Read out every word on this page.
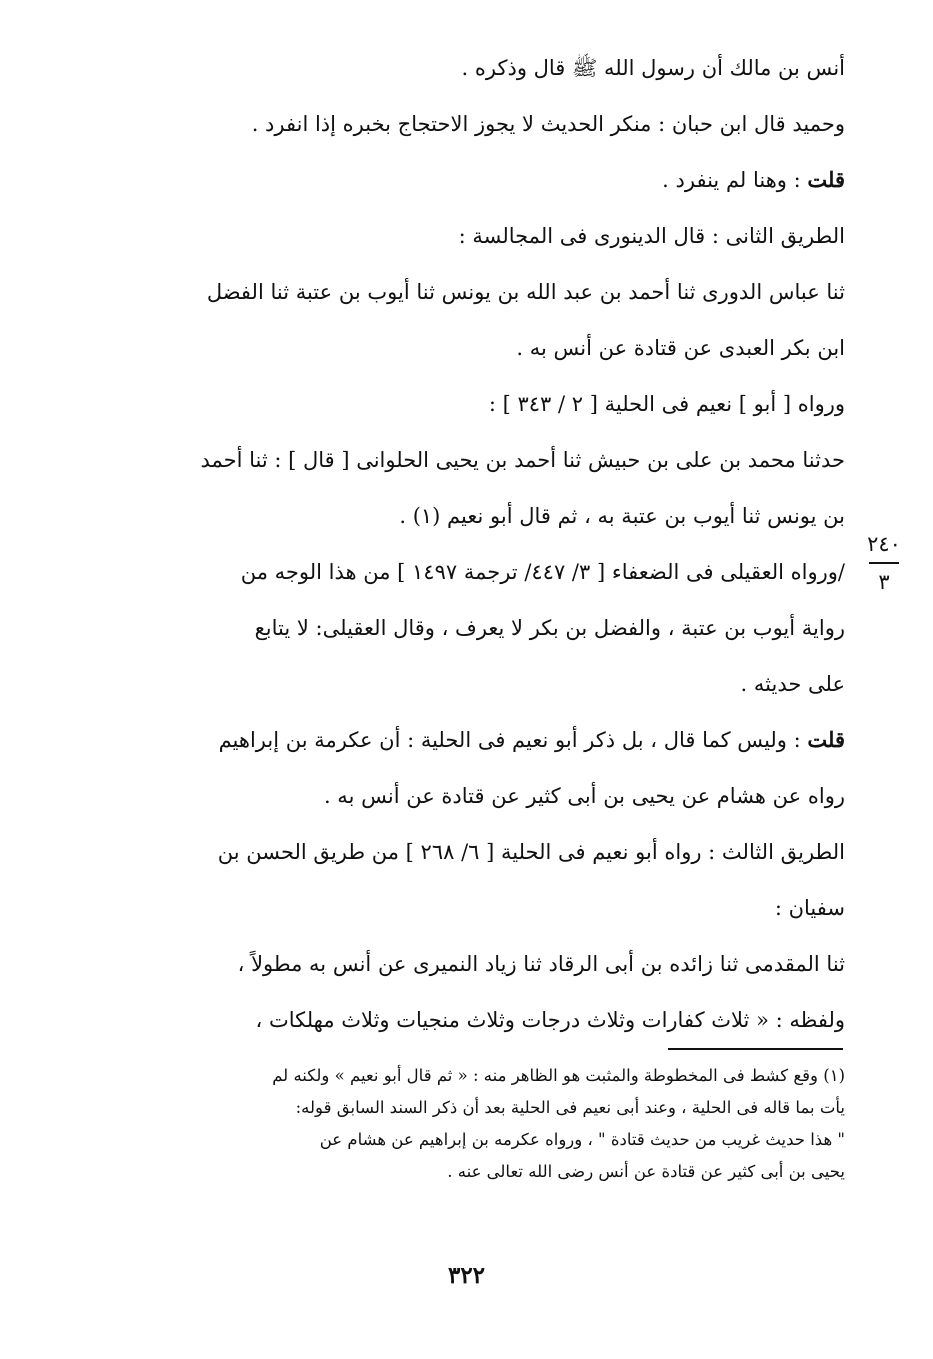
أنس بن مالك أن رسول الله ﷺ قال وذكره .

وحميد قال ابن حبان : منكر الحديث لا يجوز الاحتجاج بخبره إذا انفرد .

قلت : وهنا لم ينفرد .

الطريق الثانى : قال الدينورى فى المجالسة :

ثنا عباس الدورى ثنا أحمد بن عبد الله بن يونس ثنا أيوب بن عتبة ثنا الفضل

ابن بكر العبدى عن قتادة عن أنس به .

ورواه [ أبو ] نعيم فى الحلية [ ٢ / ٣٤٣ ] :

حدثنا محمد بن على بن حبيش ثنا أحمد بن يحيى الحلوانى [ قال ] : ثنا أحمد

بن يونس ثنا أيوب بن عتبة به ، ثم قال أبو نعيم (١) .

/ورواه العقيلى فى الضعفاء [ ٣/ ٤٤٧/ ترجمة ١٤٩٧ ] من هذا الوجه من

رواية أيوب بن عتبة ، والفضل بن بكر لا يعرف ، وقال العقيلى: لا يتابع

على حديثه .

قلت : وليس كما قال ، بل ذكر أبو نعيم فى الحلية : أن عكرمة بن إبراهيم

رواه عن هشام عن يحيى بن أبى كثير عن قتادة عن أنس به .

الطريق الثالث : رواه أبو نعيم فى الحلية [ ٦/ ٢٦٨ ] من طريق الحسن بن

سفيان :

ثنا المقدمى ثنا زائده بن أبى الرقاد ثنا زياد النميرى عن أنس به مطولاً ،

ولفظه : « ثلاث كفارات وثلاث درجات وثلاث منجيات وثلاث مهلكات ،

٢٤٠
٣

(١) وقع كشط فى المخطوطة والمثبت هو الظاهر منه : « ثم قال أبو نعيم » ولكنه لم

يأت بما قاله فى الحلية ، وعند أبى نعيم فى الحلية بعد أن ذكر السند السابق قوله:

" هذا حديث غريب من حديث قتادة " ، ورواه عكرمه بن إبراهيم عن هشام عن

يحيى بن أبى كثير عن قتادة عن أنس رضى الله تعالى عنه .

٣٢٢
